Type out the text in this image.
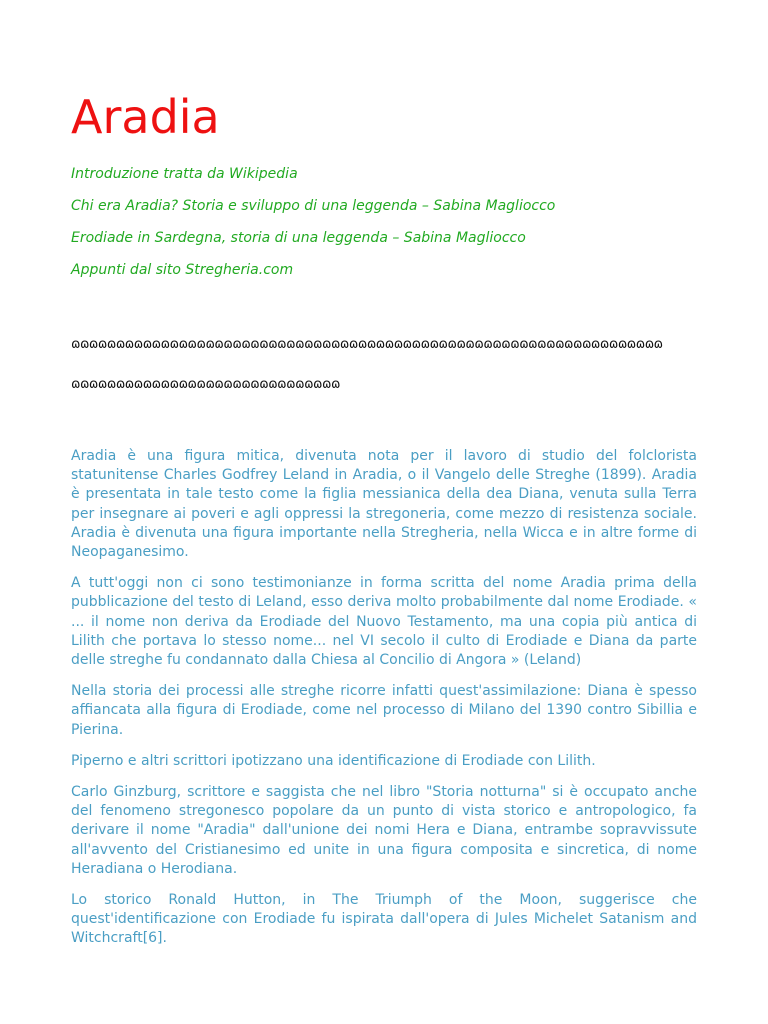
Aradia
Introduzione tratta da Wikipedia
Chi era Aradia? Storia e sviluppo di una leggenda – Sabina Magliocco
Erodiade in Sardegna, storia di una leggenda – Sabina Magliocco
Appunti dal sito Stregheria.com
ɷɷɷɷɷɷɷɷɷɷɷɷɷɷɷɷɷɷɷɷɷɷɷɷɷɷɷɷɷɷɷɷɷɷɷɷɷɷɷɷɷɷɷɷɷɷɷɷɷɷɷɷɷɷɷɷɷɷɷɷɷɷɷɷɷɷ
ɷɷɷɷɷɷɷɷɷɷɷɷɷɷɷɷɷɷɷɷɷɷɷɷɷɷɷɷɷɷ

Aradia è una figura mitica, divenuta nota per il lavoro di studio del folclorista statunitense Charles Godfrey Leland in Aradia, o il Vangelo delle Streghe (1899). Aradia è presentata in tale testo come la figlia messianica della dea Diana, venuta sulla Terra per insegnare ai poveri e agli oppressi la stregoneria, come mezzo di resistenza sociale. Aradia è divenuta una figura importante nella Stregheria, nella Wicca e in altre forme di Neopaganesimo.

A tutt'oggi non ci sono testimonianze in forma scritta del nome Aradia prima della pubblicazione del testo di Leland, esso deriva molto probabilmente dal nome Erodiade. « ... il nome non deriva da Erodiade del Nuovo Testamento, ma una copia più antica di Lilith che portava lo stesso nome... nel VI secolo il culto di Erodiade e Diana da parte delle streghe fu condannato dalla Chiesa al Concilio di Angora » (Leland)

Nella storia dei processi alle streghe ricorre infatti quest'assimilazione: Diana è spesso affiancata alla figura di Erodiade, come nel processo di Milano del 1390 contro Sibillia e Pierina.

Piperno e altri scrittori ipotizzano una identificazione di Erodiade con Lilith.

Carlo Ginzburg, scrittore e saggista che nel libro "Storia notturna" si è occupato anche del fenomeno stregonesco popolare da un punto di vista storico e antropologico, fa derivare il nome "Aradia" dall'unione dei nomi Hera e Diana, entrambe sopravvissute all'avvento del Cristianesimo ed unite in una figura composita e sincretica, di nome Heradiana o Herodiana.

Lo storico Ronald Hutton, in The Triumph of the Moon, suggerisce che quest'identificazione con Erodiade fu ispirata dall'opera di Jules Michelet Satanism and Witchcraft[6].
